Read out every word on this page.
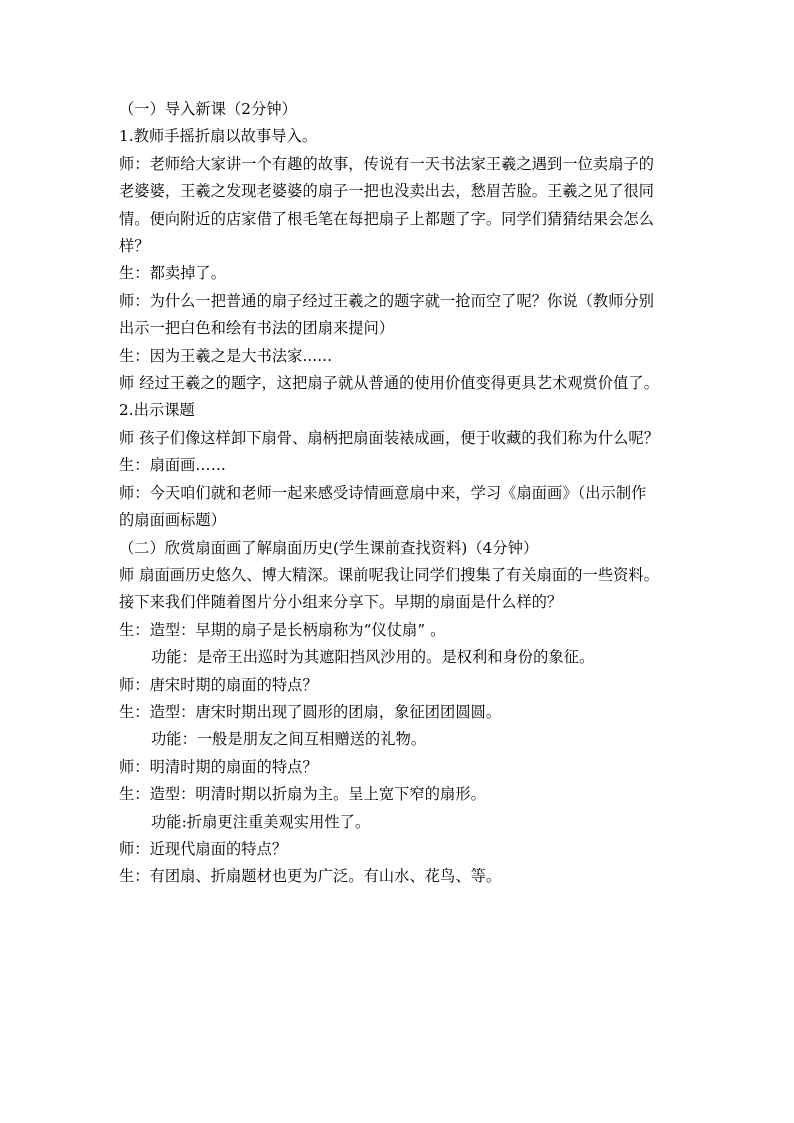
（一）导入新课（2分钟）
1.教师手摇折扇以故事导入。
师：老师给大家讲一个有趣的故事，传说有一天书法家王羲之遇到一位卖扇子的
老婆婆，王羲之发现老婆婆的扇子一把也没卖出去，愁眉苦脸。王羲之见了很同
情。便向附近的店家借了根毛笔在每把扇子上都题了字。同学们猜猜结果会怎么
样？
生：都卖掉了。
师：为什么一把普通的扇子经过王羲之的题字就一抢而空了呢？你说（教师分别
出示一把白色和绘有书法的团扇来提问）
生：因为王羲之是大书法家......
师 经过王羲之的题字，这把扇子就从普通的使用价值变得更具艺术观赏价值了。
2.出示课题
师 孩子们像这样卸下扇骨、扇柄把扇面装裱成画，便于收藏的我们称为什么呢？
生：扇面画……
师：今天咱们就和老师一起来感受诗情画意扇中来，学习《扇面画》（出示制作
的扇面画标题）
（二）欣赏扇面画了解扇面历史(学生课前查找资料)（4分钟）
师 扇面画历史悠久、博大精深。课前呢我让同学们搜集了有关扇面的一些资料。
接下来我们伴随着图片分小组来分享下。早期的扇面是什么样的？
生：造型：早期的扇子是长柄扇称为“仪仗扇” 。
功能：是帝王出巡时为其遮阳挡风沙用的。是权利和身份的象征。
师：唐宋时期的扇面的特点？
生：造型：唐宋时期出现了圆形的团扇，象征团团圆圆。
功能：一般是朋友之间互相赠送的礼物。
师：明清时期的扇面的特点？
生：造型：明清时期以折扇为主。呈上宽下窄的扇形。
功能:折扇更注重美观实用性了。
师：近现代扇面的特点？
生：有团扇、折扇题材也更为广泛。有山水、花鸟、等。
